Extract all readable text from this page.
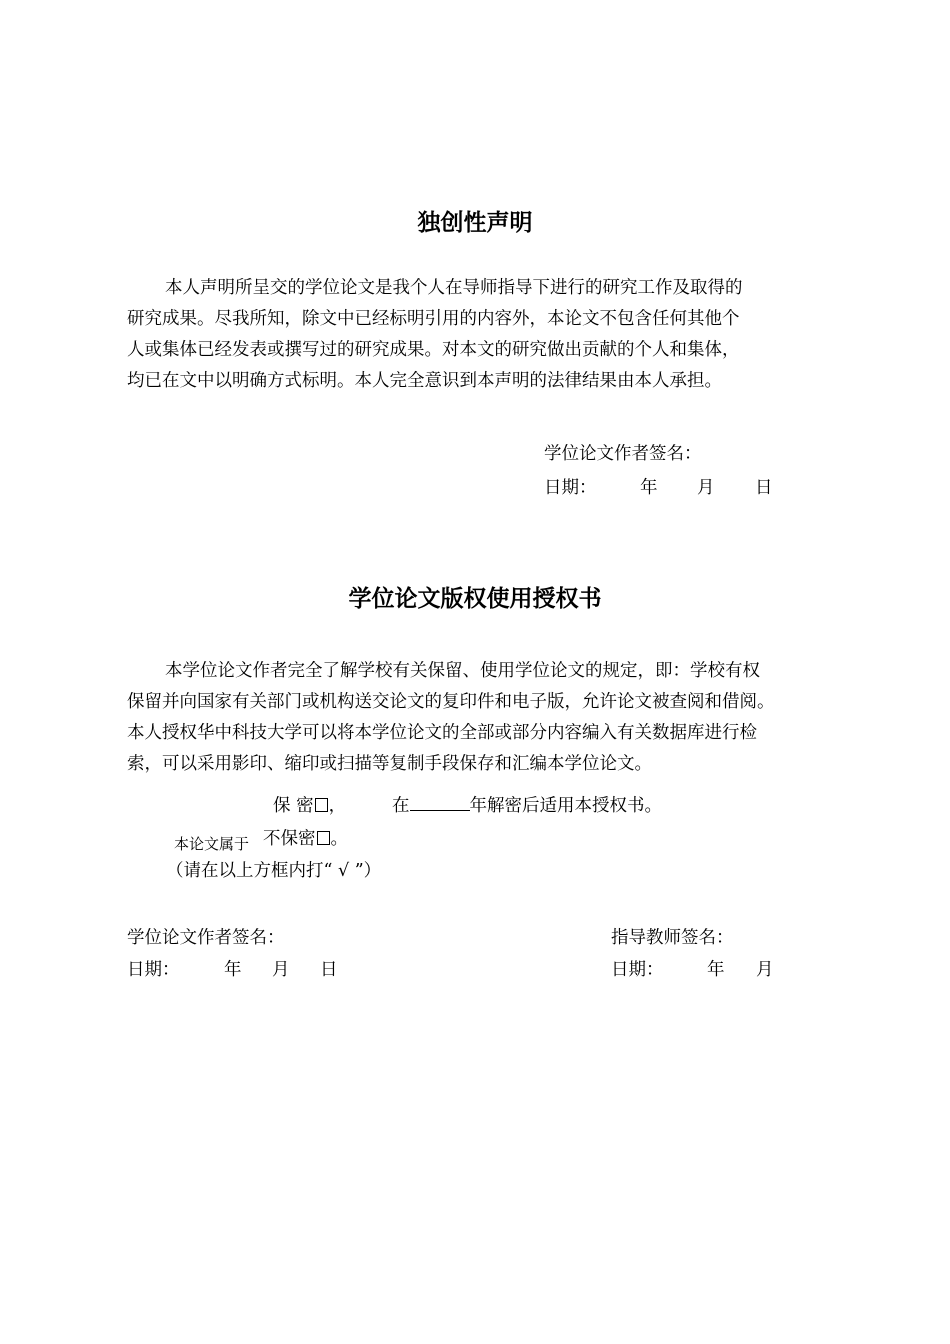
独创性声明

本人声明所呈交的学位论文是我个人在导师指导下进行的研究工作及取得的

研究成果。尽我所知，除文中已经标明引用的内容外，本论文不包含任何其他个

人或集体已经发表或撰写过的研究成果。对本文的研究做出贡献的个人和集体，

均已在文中以明确方式标明。本人完全意识到本声明的法律结果由本人承担。

学位论文作者签名：
日期： 年 月 日
学位论文版权使用授权书

本学位论文作者完全了解学校有关保留、使用学位论文的规定，即：学校有权

保留并向国家有关部门或机构送交论文的复印件和电子版，允许论文被查阅和借阅。

本人授权华中科技大学可以将本学位论文的全部或部分内容编入有关数据库进行检

索，可以采用影印、缩印或扫描等复制手段保存和汇编本学位论文。

保 密 ，	在	年解密后适用本授权书。
本论文属于 不保密 。
（请在以上方框内打“ √ ”）
学位论文作者签名：	指导教师签名：
日期：	年 月 日	日期： 年 月
